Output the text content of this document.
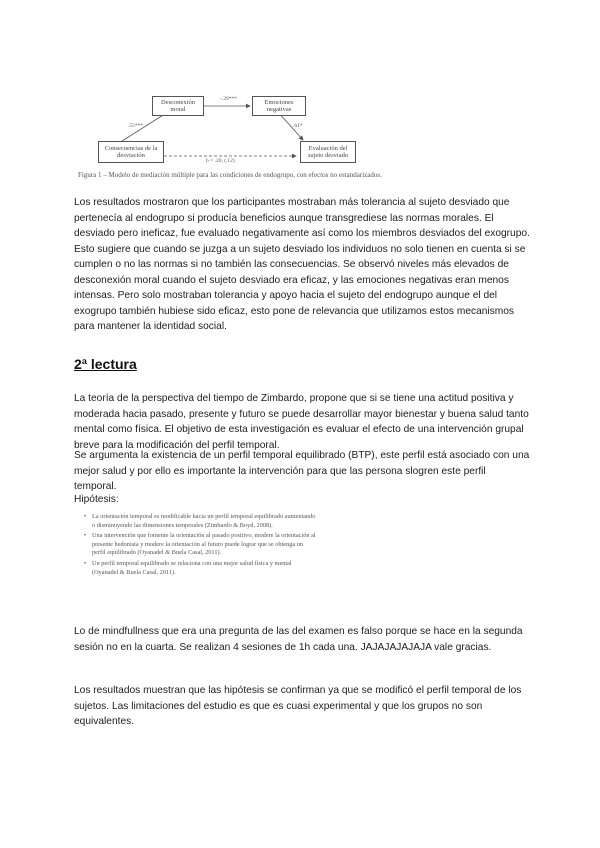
Desconexión moral
Emociones negativas
Consecuencias de la desviación
Evaluación del sujeto desviado
-.39***
.55***	.61*
b = .20, (.12)
Figura 1 – Modelo de mediación múltiple para las condiciones de endogrupo, con efectos no estandarizados.

Los resultados mostraron que los participantes mostraban más tolerancia al sujeto desviado que pertenecía al endogrupo si producía beneficios aunque transgrediese las normas morales. El desviado pero ineficaz, fue evaluado negativamente así como los miembros desviados del exogrupo. Esto sugiere que cuando se juzga a un sujeto desviado los individuos no solo tienen en cuenta si se cumplen o no las normas si no también las consecuencias. Se observó niveles más elevados de desconexión moral cuando el sujeto desviado era eficaz, y las emociones negativas eran menos intensas. Pero solo mostraban tolerancia y apoyo hacia el sujeto del endogrupo aunque el del exogrupo también hubiese sido eficaz, esto pone de relevancia que utilizamos estos mecanismos para mantener la identidad social.

2ª lectura

La teoría de la perspectiva del tiempo de Zimbardo, propone que si se tiene una actitud positiva y moderada hacia pasado, presente y futuro se puede desarrollar mayor bienestar y buena salud tanto mental como física. El objetivo de esta investigación es evaluar el efecto de una intervención grupal breve para la modificación del perfil temporal.

Se argumenta la existencia de un perfil temporal equilibrado (BTP), este perfil está asociado con una mejor salud y por ello es importante la intervención para que las persona slogren este perfil temporal.

Hipótesis:

• La orientación temporal es modificable hacia un perfil temporal equilibrado aumentando o disminuyendo las dimensiones temporales (Zimbardo & Boyd, 2008).
• Una intervención que fomente la orientación al pasado positivo, modere la orientación al presente hedonista y modere la orientación al futuro puede lograr que se obtenga un perfil equilibrado (Oyanadel & Buela Casal, 2011).
• Un perfil temporal equilibrado se relaciona con una mejor salud física y mental (Oyanadel & Buela Casal, 2011).

Lo de mindfullness que era una pregunta de las del examen es falso porque se hace en la segunda sesión no en la cuarta. Se realizan 4 sesiones de 1h cada una. JAJAJAJAJAJA vale gracias.

Los resultados muestran que las hipótesis se confirman ya que se modificó el perfil temporal de los sujetos. Las limitaciones del estudio es que es cuasi experimental y que los grupos no son equivalentes.
